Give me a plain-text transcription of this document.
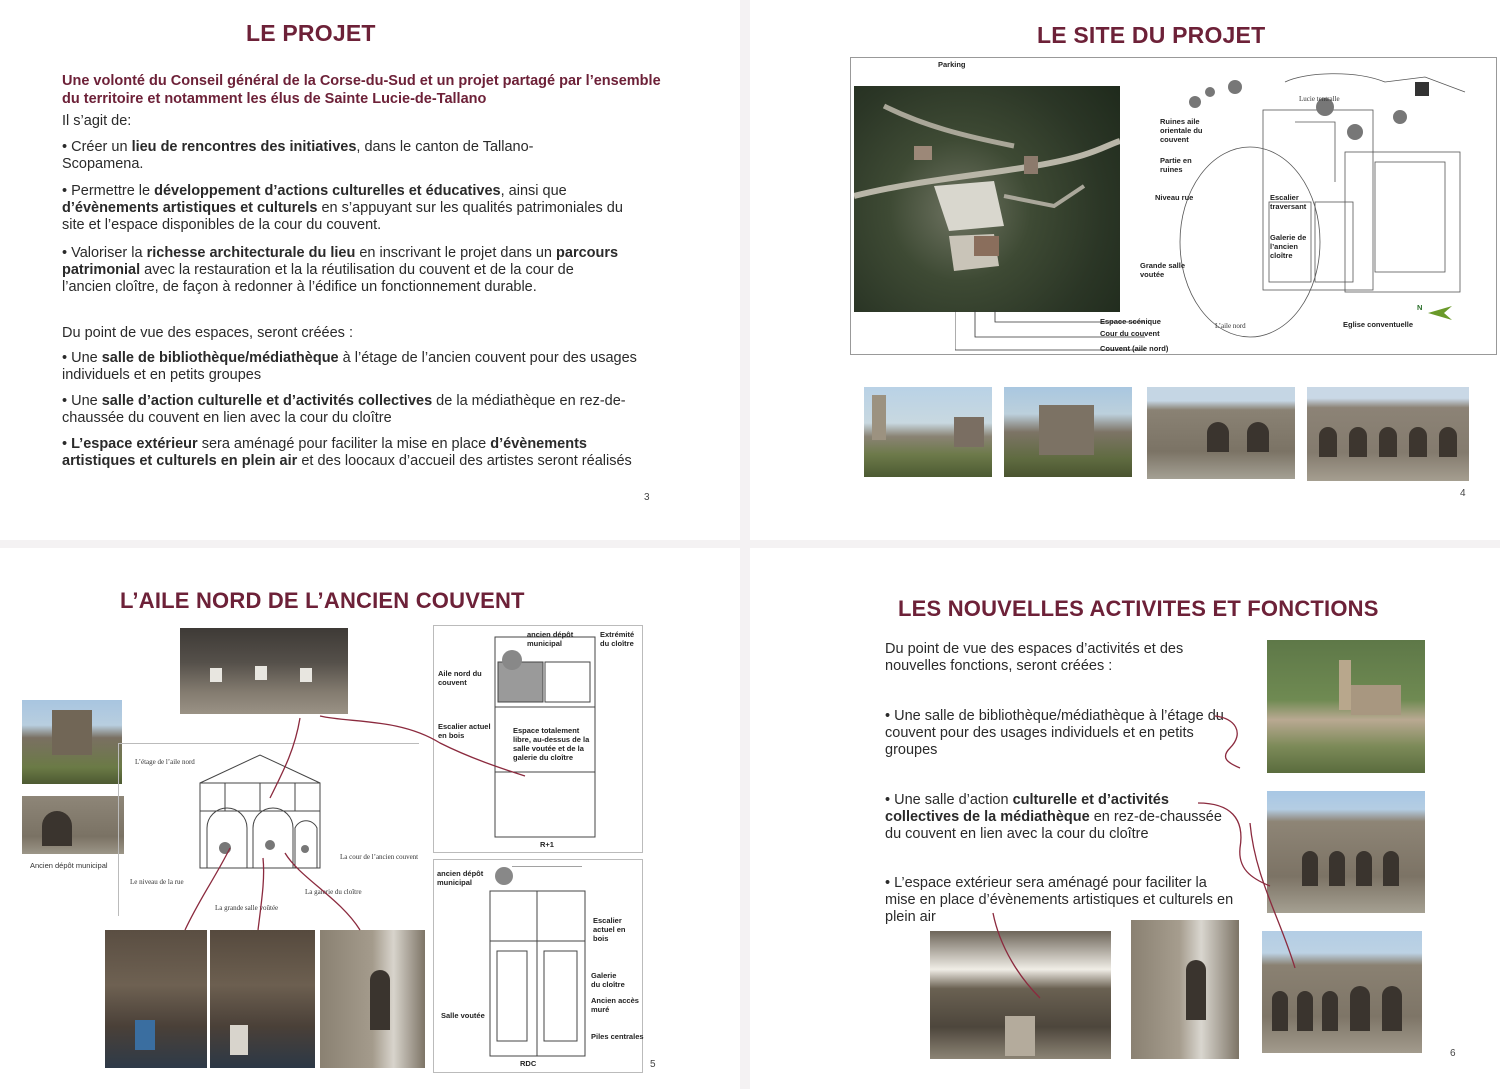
LE PROJET
Une volonté du Conseil général de la Corse-du-Sud et un projet partagé par l’ensemble du territoire et notamment les élus de Sainte Lucie-de-Tallano
Il s’agit de:
• Créer un lieu de rencontres des initiatives, dans le canton de Tallano-Scopamena.
• Permettre le développement d’actions culturelles et éducatives, ainsi que d’évènements artistiques et culturels en s’appuyant sur les qualités patrimoniales du site et l’espace disponibles de la cour du couvent.
• Valoriser la richesse architecturale du lieu en inscrivant le projet dans un parcours patrimonial avec la restauration et la la réutilisation du couvent et de la cour de l’ancien cloître, de façon à redonner à l’édifice un fonctionnement durable.
Du point de vue des espaces, seront créées :
• Une salle de bibliothèque/médiathèque à l’étage de l’ancien couvent pour des usages individuels et en petits groupes
• Une salle d’action culturelle et d’activités collectives de la médiathèque en rez-de-chaussée du couvent en lien avec la cour du cloître
• L’espace extérieur sera aménagé pour faciliter la mise en place d’évènements artistiques et culturels en plein air et des loocaux d’accueil des artistes seront réalisés
3
LE SITE DU PROJET
Parking
Ruines aile orientale du couvent
Partie en ruines
Niveau rue
Grande salle voutée
Escalier traversant
Galerie de l’ancien cloître
Lucie tentralle
L’aile nord
Espace scénique
Cour du couvent
Couvent (aile nord)
Eglise conventuelle
N
4
L’AILE NORD DE L’ANCIEN COUVENT
Ancien dépôt municipal
L’étage de l’aile nord
La cour de l’ancien couvent
Le niveau de la rue
La galerie du cloître
La grande salle voûtée
ancien dépôt municipal
Extrémité du cloître
Aile nord du couvent
Escalier actuel en bois
Espace totalement libre, au-dessus de la salle voutée et de la galerie du cloître
R+1
ancien dépôt municipal
Escalier actuel en bois
Galerie du cloître
Ancien accès muré
Salle voutée
Piles centrales
RDC	5
LES NOUVELLES ACTIVITES ET FONCTIONS
Du point de vue des espaces d’activités et des nouvelles fonctions, seront créées :
• Une salle de bibliothèque/médiathèque à l’étage du couvent pour des usages individuels et en petits groupes
• Une salle d’action culturelle et d’activités collectives de la médiathèque en rez-de-chaussée du couvent en lien avec la cour du cloître
• L’espace extérieur sera aménagé pour faciliter la mise en place d’évènements artistiques et culturels en plein air
6
